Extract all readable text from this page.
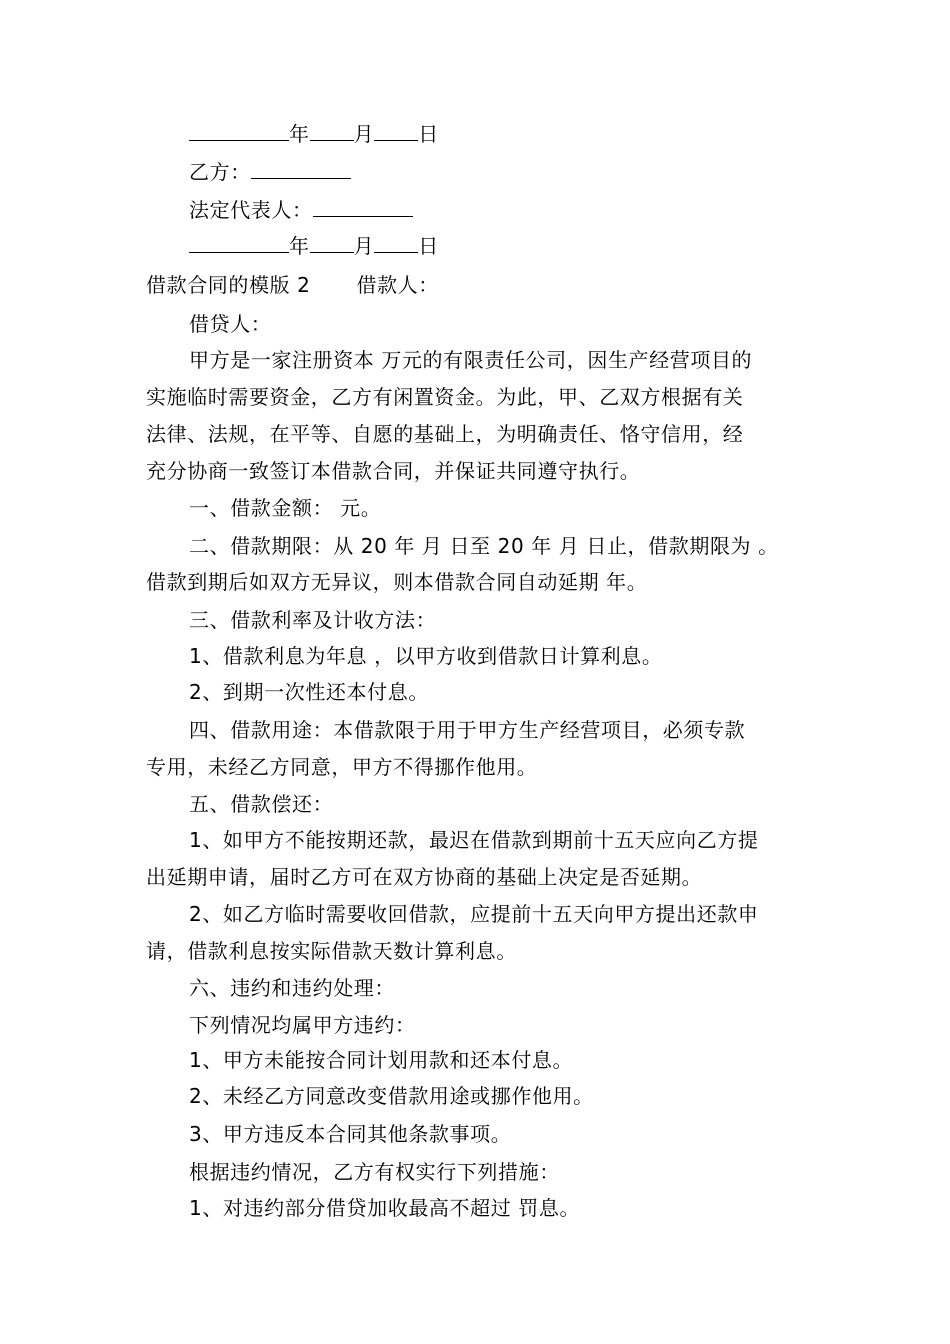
年 月 日
乙方：
法定代表人：
年 月 日
借款合同的模版 2 借款人：
借贷人：
甲方是一家注册资本 万元的有限责任公司，因生产经营项目的
实施临时需要资金，乙方有闲置资金。为此，甲、乙双方根据有关
法律、法规，在平等、自愿的基础上，为明确责任、恪守信用，经
充分协商一致签订本借款合同，并保证共同遵守执行。
一、借款金额： 元。
二、借款期限：从 20 年 月 日至 20 年 月 日止，借款期限为 。
借款到期后如双方无异议，则本借款合同自动延期 年。
三、借款利率及计收方法：
1、借款利息为年息 ，以甲方收到借款日计算利息。
2、到期一次性还本付息。
四、借款用途：本借款限于用于甲方生产经营项目，必须专款
专用，未经乙方同意，甲方不得挪作他用。
五、借款偿还：
1、如甲方不能按期还款，最迟在借款到期前十五天应向乙方提
出延期申请，届时乙方可在双方协商的基础上决定是否延期。
2、如乙方临时需要收回借款，应提前十五天向甲方提出还款申
请，借款利息按实际借款天数计算利息。
六、违约和违约处理：
下列情况均属甲方违约：
1、甲方未能按合同计划用款和还本付息。
2、未经乙方同意改变借款用途或挪作他用。
3、甲方违反本合同其他条款事项。
根据违约情况，乙方有权实行下列措施：
1、对违约部分借贷加收最高不超过 罚息。
